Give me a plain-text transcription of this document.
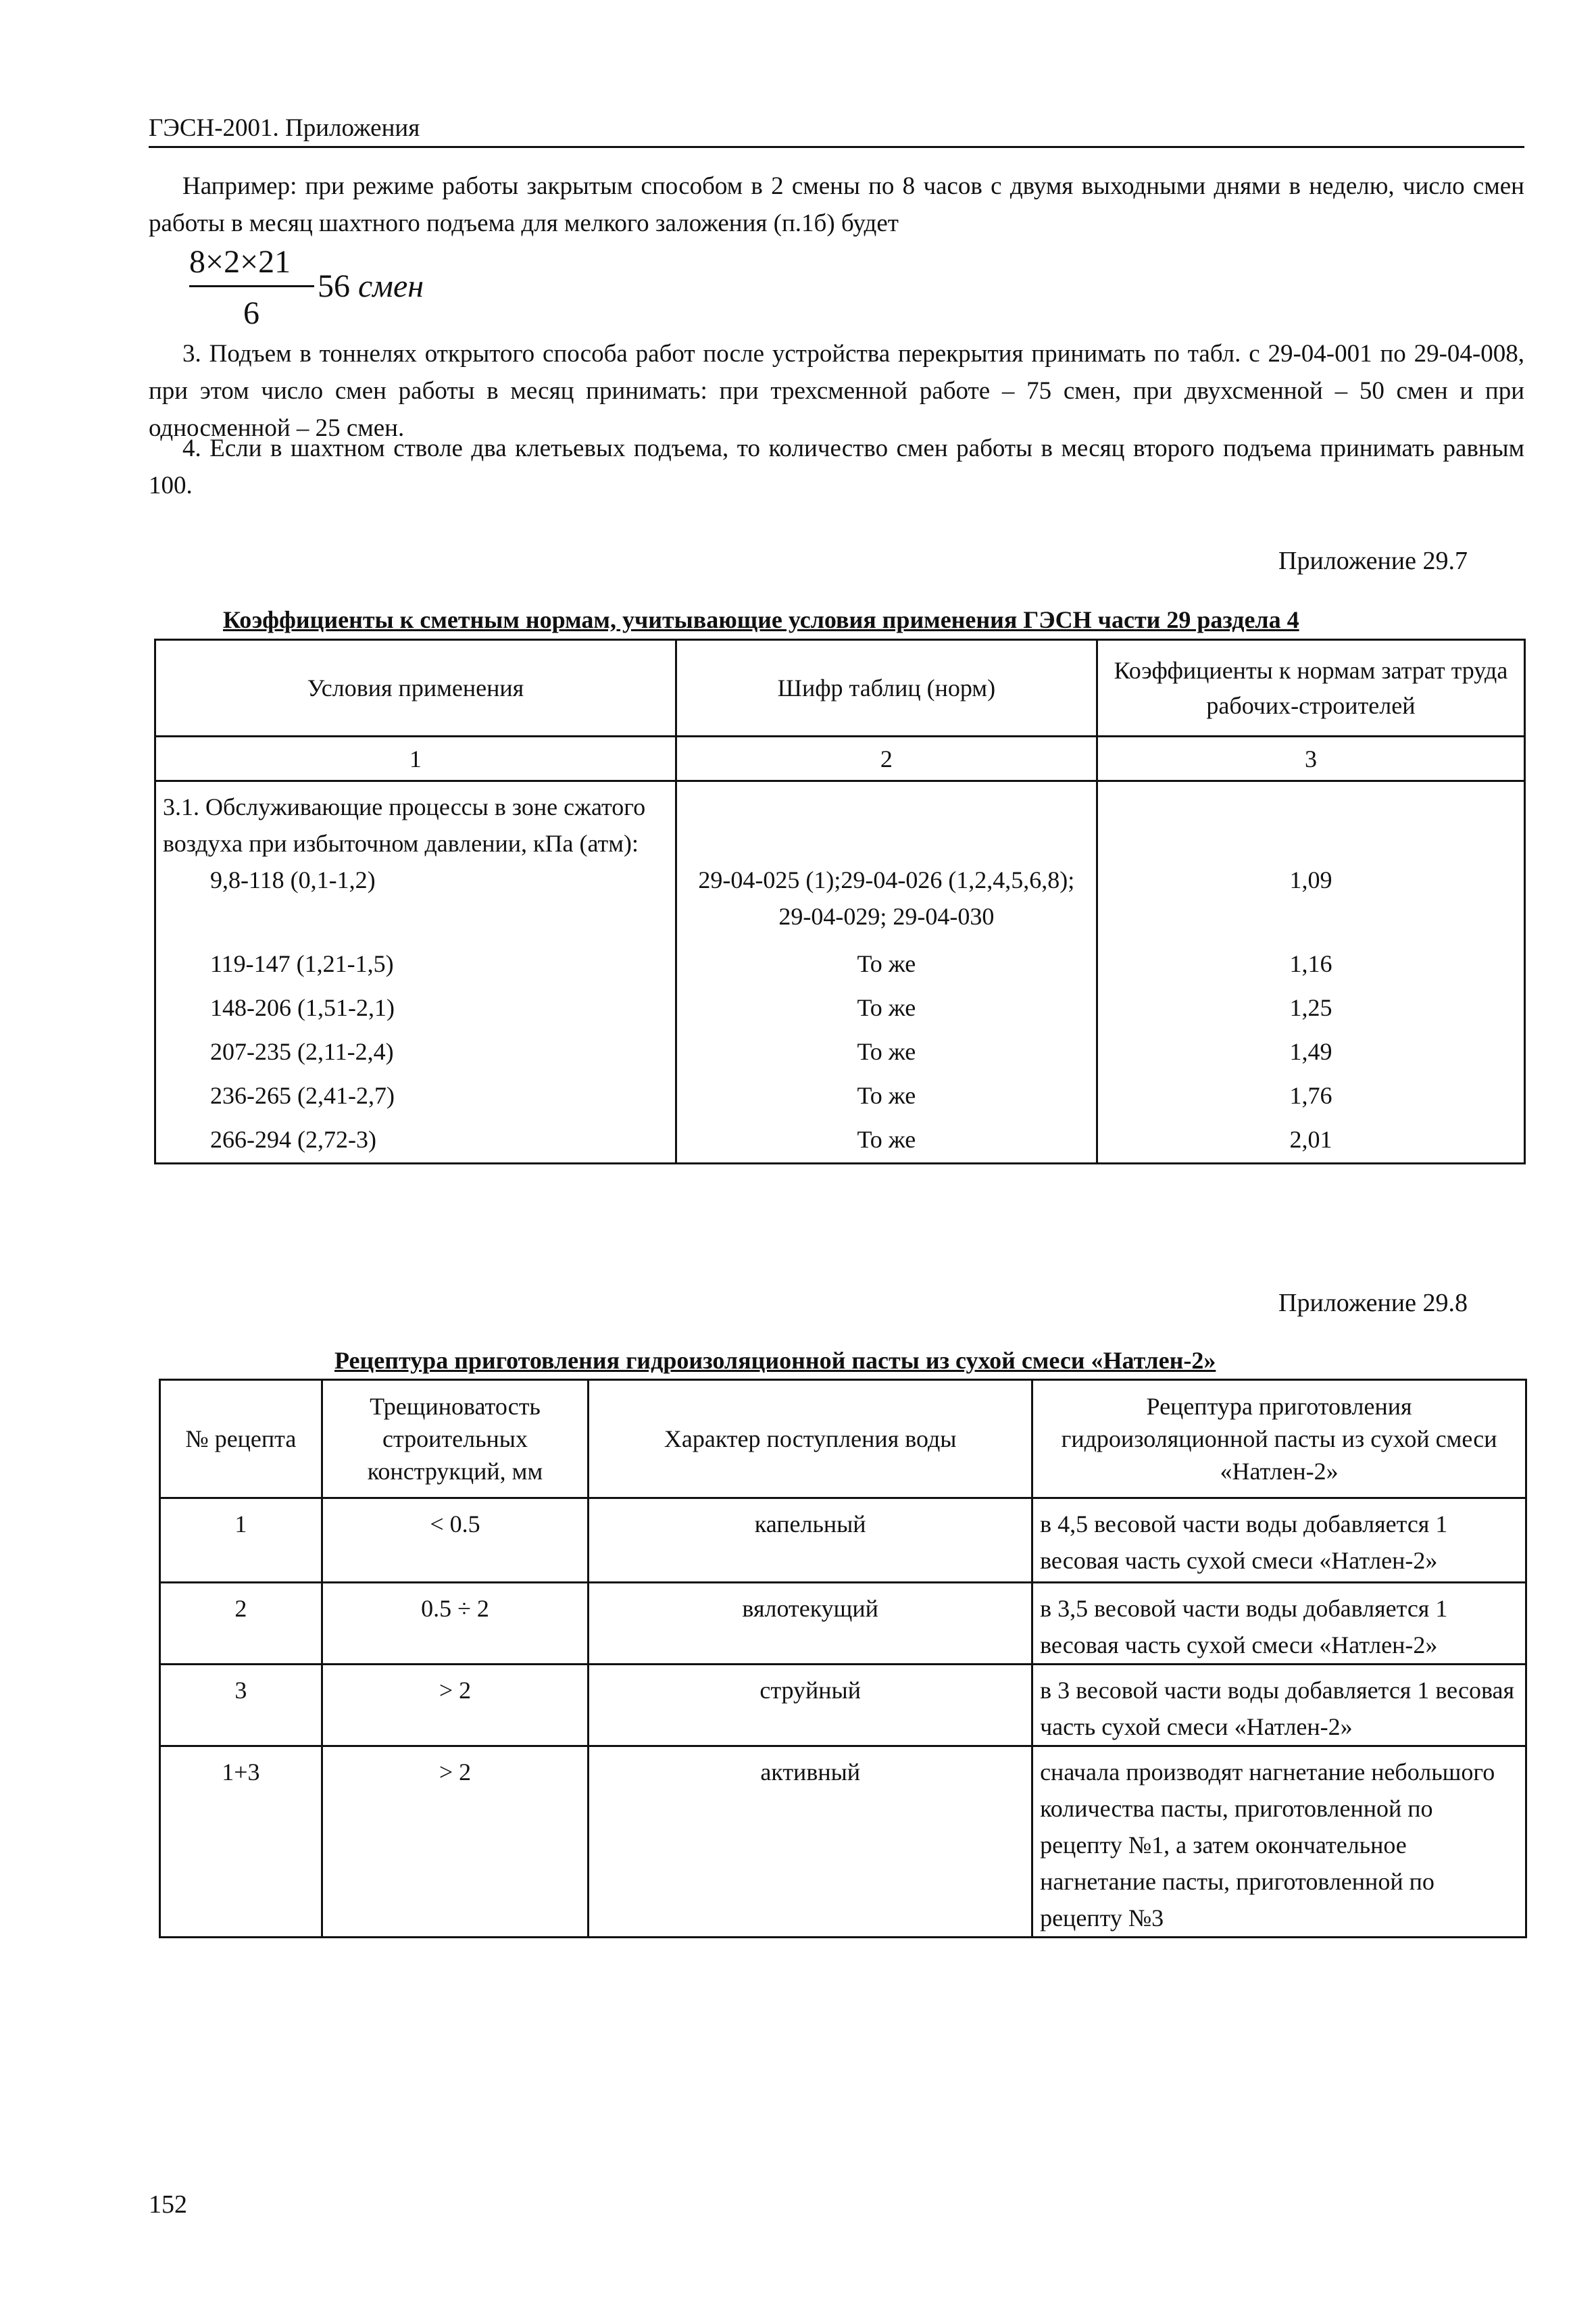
ГЭСН-2001. Приложения
Например: при режиме работы закрытым способом в 2 смены по 8 часов с двумя выходными днями в неделю, число смен работы в месяц шахтного подъема для мелкого заложения (п.1б) будет
8×2×21
6
56 смен
3. Подъем в тоннелях открытого способа работ после устройства перекрытия принимать по табл. с 29-04-001 по 29-04-008, при этом число смен работы в месяц принимать: при трехсменной работе – 75 смен, при двухсменной – 50 смен и при односменной – 25 смен.
4. Если в шахтном стволе два клетьевых подъема, то количество смен работы в месяц второго подъема принимать равным 100.
Приложение 29.7
Коэффициенты к сметным нормам, учитывающие условия применения ГЭСН части 29 раздела 4
Условия применения	Шифр таблиц (норм)	Коэффициенты к нормам затрат труда рабочих-строителей
1	2	3
3.1. Обслуживающие процессы в зоне сжатого воздуха при избыточном давлении, кПа (атм):		
9,8-118 (0,1-1,2)	29-04-025 (1);29-04-026 (1,2,4,5,6,8); 29-04-029; 29-04-030	1,09
119-147 (1,21-1,5)	То же	1,16
148-206 (1,51-2,1)	То же	1,25
207-235 (2,11-2,4)	То же	1,49
236-265 (2,41-2,7)	То же	1,76
266-294 (2,72-3)	То же	2,01
Приложение 29.8
Рецептура приготовления гидроизоляционной пасты из сухой смеси «Натлен-2»
№ рецепта	Трещиноватость строительных конструкций, мм	Характер поступления воды	Рецептура приготовления гидроизоляционной пасты из сухой смеси «Натлен-2»
1	< 0.5	капельный	в 4,5 весовой части воды добавляется 1 весовая часть сухой смеси «Натлен-2»
2	0.5 ÷ 2	вялотекущий	в 3,5 весовой части воды добавляется 1 весовая часть сухой смеси «Натлен-2»
3	> 2	струйный	в 3 весовой части воды добавляется 1 весовая часть сухой смеси «Натлен-2»
1+3	> 2	активный	сначала производят нагнетание небольшого количества пасты, приготовленной по рецепту №1, а затем окончательное нагнетание пасты, приготовленной по рецепту №3
152
